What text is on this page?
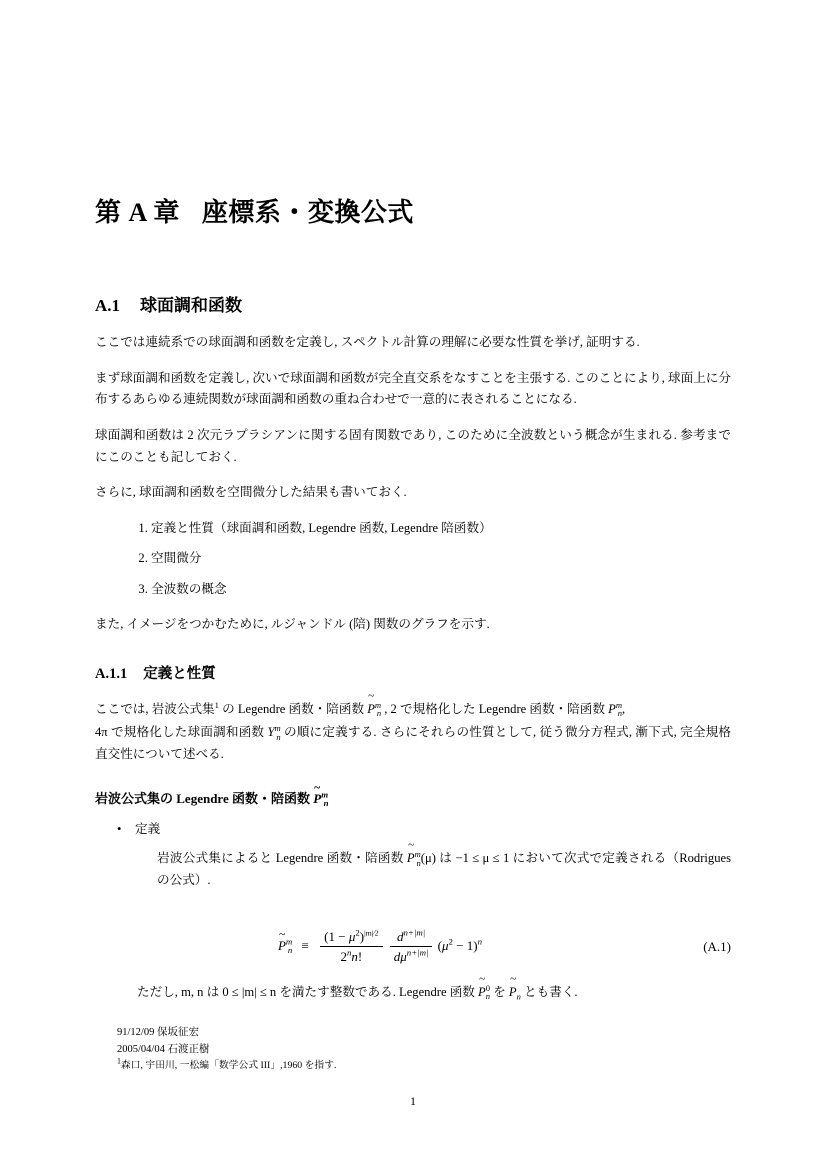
第 A 章 座標系・変換公式
A.1 球面調和函数

ここでは連続系での球面調和函数を定義し, スペクトル計算の理解に必要な性質を挙げ, 証明する.

まず球面調和函数を定義し, 次いで球面調和函数が完全直交系をなすことを主張する. このことにより, 球面上に分布するあらゆる連続関数が球面調和函数の重ね合わせで一意的に表されることになる.

球面調和函数は 2 次元ラプラシアンに関する固有関数であり, このために全波数という概念が生まれる. 参考までにこのことも記しておく.

さらに, 球面調和函数を空間微分した結果も書いておく.

1. 定義と性質（球面調和函数, Legendre 函数, Legendre 陪函数）
2. 空間微分
3. 全波数の概念

また, イメージをつかむために, ルジャンドル (陪) 関数のグラフを示す.

A.1.1 定義と性質

ここでは, 岩波公式集$^1$ の Legendre 函数・陪函数 ~ $P^m_n$ , 2 で規格化した Legendre 函数・陪函数 $P^m_n$,

4π で規格化した球面調和函数 $Y^m_n$ の順に定義する. さらにそれらの性質として, 従う微分方程式, 漸下式, 完全規格直交性について述べる.

岩波公式集の Legendre 函数・陪函数 ~ $P^m_n$
• 定義
岩波公式集によると Legendre 函数・陪函数 ~ $P^m_n(\mu)$ は −1 ≤ μ ≤ 1 において次式で定義される（Rodrigues の公式）.
~ $P^m_n \equiv \frac{(1 - \mu^2)^{|m|⁄2}}{2^nn!}$
$\frac{d^{n+|m|}}{d\mu^{n+|m|}} (\mu^2 - 1)^n$	(A.1)
ただし, m, n は 0 ≤ |m| ≤ n を満たす整数である. Legendre 函数 ~ $P^0_n$ を ~ $P_n$ とも書く.
91/12/09 保坂征宏
2005/04/04 石渡正樹
$^1$森口, 宇田川, 一松編「数学公式 III」,1960 を指す.
1
